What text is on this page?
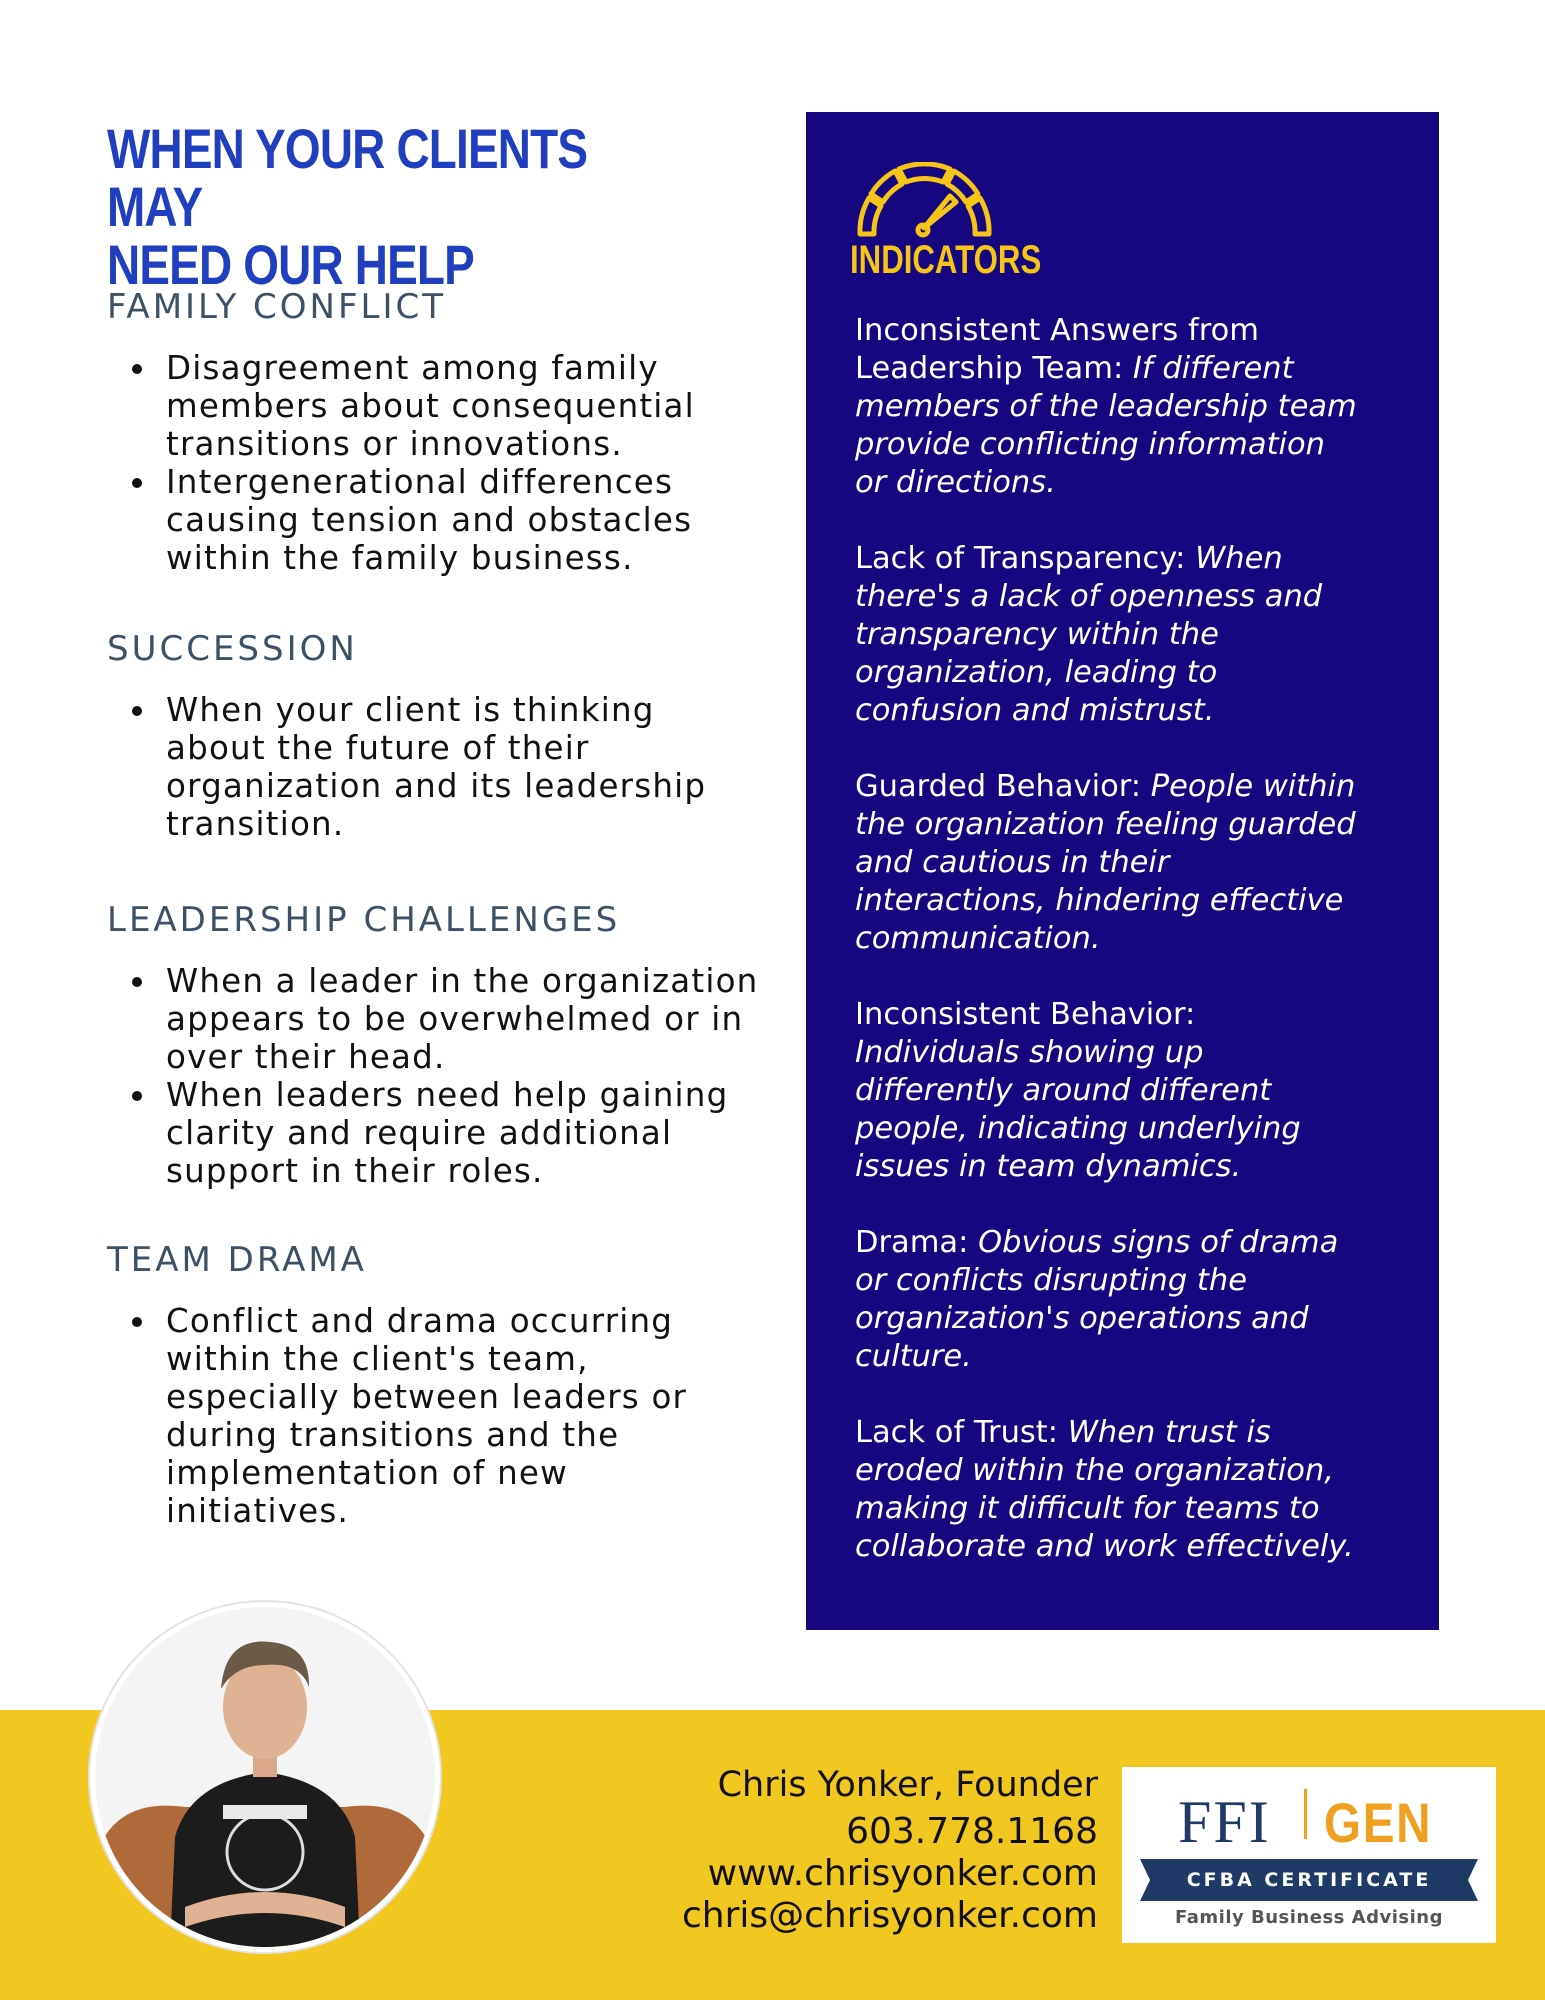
WHEN YOUR CLIENTS MAY
NEED OUR HELP
FAMILY CONFLICT
Disagreement among family
members about consequential
transitions or innovations.
Intergenerational differences
causing tension and obstacles
within the family business.
SUCCESSION
When your client is thinking
about the future of their
organization and its leadership
transition.
LEADERSHIP CHALLENGES
When a leader in the organization
appears to be overwhelmed or in
over their head.
When leaders need help gaining
clarity and require additional
support in their roles.
TEAM DRAMA
Conflict and drama occurring
within the client's team,
especially between leaders or
during transitions and the
implementation of new
initiatives.
INDICATORS
Inconsistent Answers from
Leadership Team: If different
members of the leadership team
provide conflicting information
or directions.
Lack of Transparency: When
there's a lack of openness and
transparency within the
organization, leading to
confusion and mistrust.
Guarded Behavior: People within
the organization feeling guarded
and cautious in their
interactions, hindering effective
communication.
Inconsistent Behavior:
Individuals showing up
differently around different
people, indicating underlying
issues in team dynamics.
Drama: Obvious signs of drama
or conflicts disrupting the
organization's operations and
culture.
Lack of Trust: When trust is
eroded within the organization,
making it difficult for teams to
collaborate and work effectively.
Chris Yonker, Founder
603.778.1168
www.chrisyonker.com
chris@chrisyonker.com
FFI GEN
CFBA CERTIFICATE
Family Business Advising
